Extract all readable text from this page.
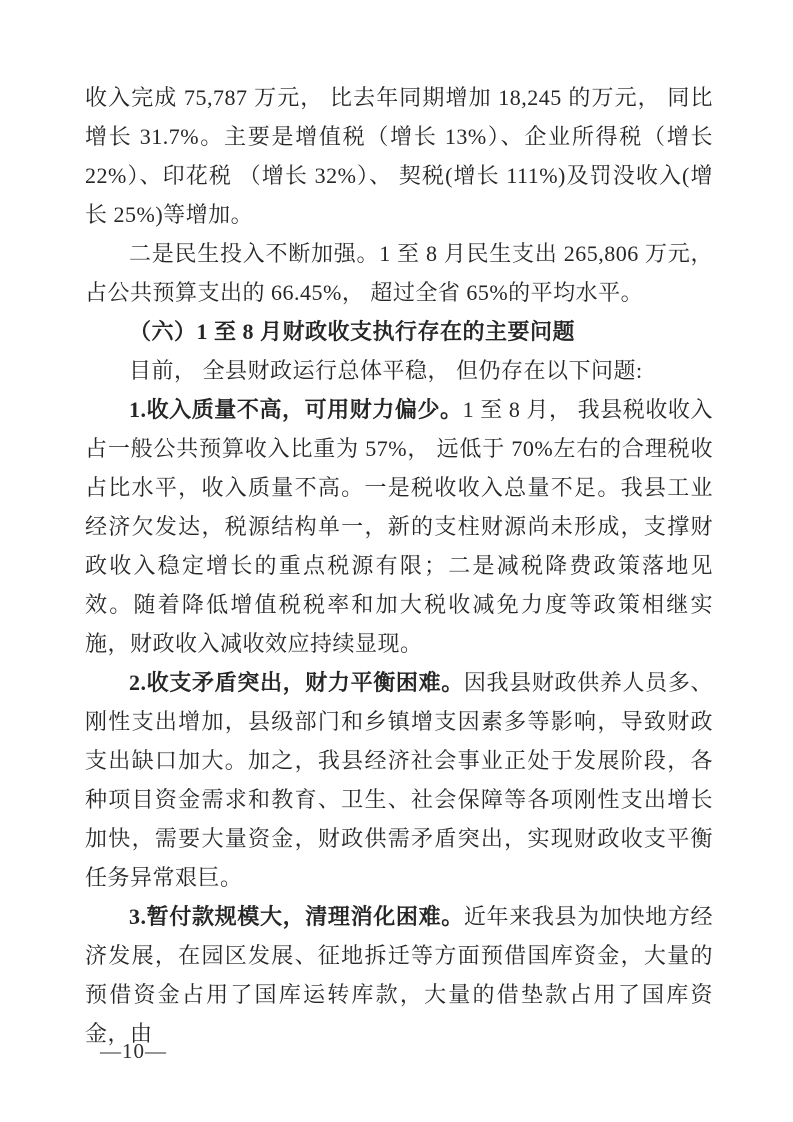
收入完成 75,787 万元， 比去年同期增加 18,245 的万元， 同比增长 31.7%。主要是增值税（增长 13%）、企业所得税（增长 22%）、印花税 （增长 32%）、 契税(增长 111%)及罚没收入(增长 25%)等增加。

二是民生投入不断加强。1 至 8 月民生支出 265,806 万元，占公共预算支出的 66.45%， 超过全省 65%的平均水平。

（六）1 至 8 月财政收支执行存在的主要问题

目前， 全县财政运行总体平稳， 但仍存在以下问题:

1.收入质量不高，可用财力偏少。1 至 8 月， 我县税收收入占一般公共预算收入比重为 57%， 远低于 70%左右的合理税收占比水平，收入质量不高。一是税收收入总量不足。我县工业经济欠发达，税源结构单一，新的支柱财源尚未形成，支撑财政收入稳定增长的重点税源有限；二是减税降费政策落地见效。随着降低增值税税率和加大税收减免力度等政策相继实施，财政收入减收效应持续显现。

2.收支矛盾突出，财力平衡困难。因我县财政供养人员多、刚性支出增加，县级部门和乡镇增支因素多等影响，导致财政支出缺口加大。加之，我县经济社会事业正处于发展阶段，各种项目资金需求和教育、卫生、社会保障等各项刚性支出增长加快，需要大量资金，财政供需矛盾突出，实现财政收支平衡任务异常艰巨。

3.暂付款规模大，清理消化困难。近年来我县为加快地方经济发展，在园区发展、征地拆迁等方面预借国库资金，大量的预借资金占用了国库运转库款，大量的借垫款占用了国库资金，由

—10—
